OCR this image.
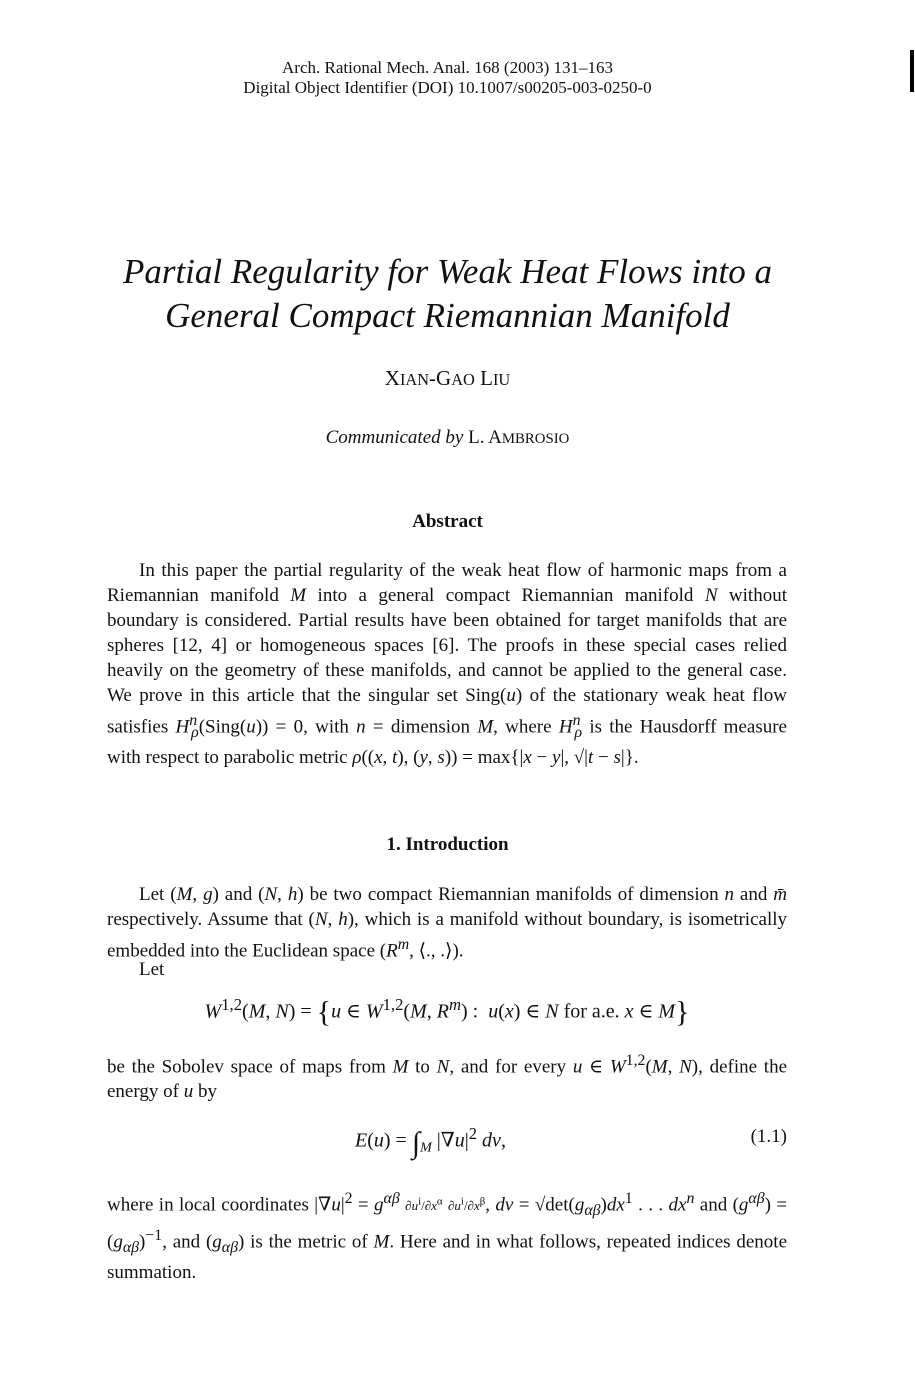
Arch. Rational Mech. Anal. 168 (2003) 131–163
Digital Object Identifier (DOI) 10.1007/s00205-003-0250-0
Partial Regularity for Weak Heat Flows into a
General Compact Riemannian Manifold
XIAN-GAO LIU
Communicated by L. AMBROSIO
Abstract
In this paper the partial regularity of the weak heat flow of harmonic maps from a Riemannian manifold M into a general compact Riemannian manifold N without boundary is considered. Partial results have been obtained for target manifolds that are spheres [12, 4] or homogeneous spaces [6]. The proofs in these special cases relied heavily on the geometry of these manifolds, and cannot be applied to the general case. We prove in this article that the singular set Sing(u) of the stationary weak heat flow satisfies $H^n_\rho(Sing(u)) = 0$, with n = dimension M, where $H^n_\rho$ is the Hausdorff measure with respect to parabolic metric ρ((x, t), (y, s)) = max{|x − y|, √|t − s|}.
1. Introduction
Let (M, g) and (N, h) be two compact Riemannian manifolds of dimension n and m̄ respectively. Assume that (N, h), which is a manifold without boundary, is isometrically embedded into the Euclidean space ($R^m$, ⟨., .⟩).
Let
W$^{1,2}$(M, N) = {u ∈ W$^{1,2}$(M, $R^m$) :  u(x) ∈ N for a.e. x ∈ M}
be the Sobolev space of maps from M to N, and for every u ∈ W$^{1,2}$(M, N), define the energy of u by
$E(u) = \int_M$ $|\nabla u|^2$ dv,	(1.1)
where in local coordinates $|\nabla u|^2 = g^{\alpha\beta}$ $\partial u^i/\partial x^\alpha$ $\partial u^i/\partial x^\beta$, dv = $√\det(g_{\alpha\beta})dx^1$ . . . $dx^n$ and $(g^{\alpha\beta}) = (g_{\alpha\beta})^{-1}$, and $(g_{\alpha\beta})$ is the metric of M. Here and in what follows, repeated indices denote summation.
